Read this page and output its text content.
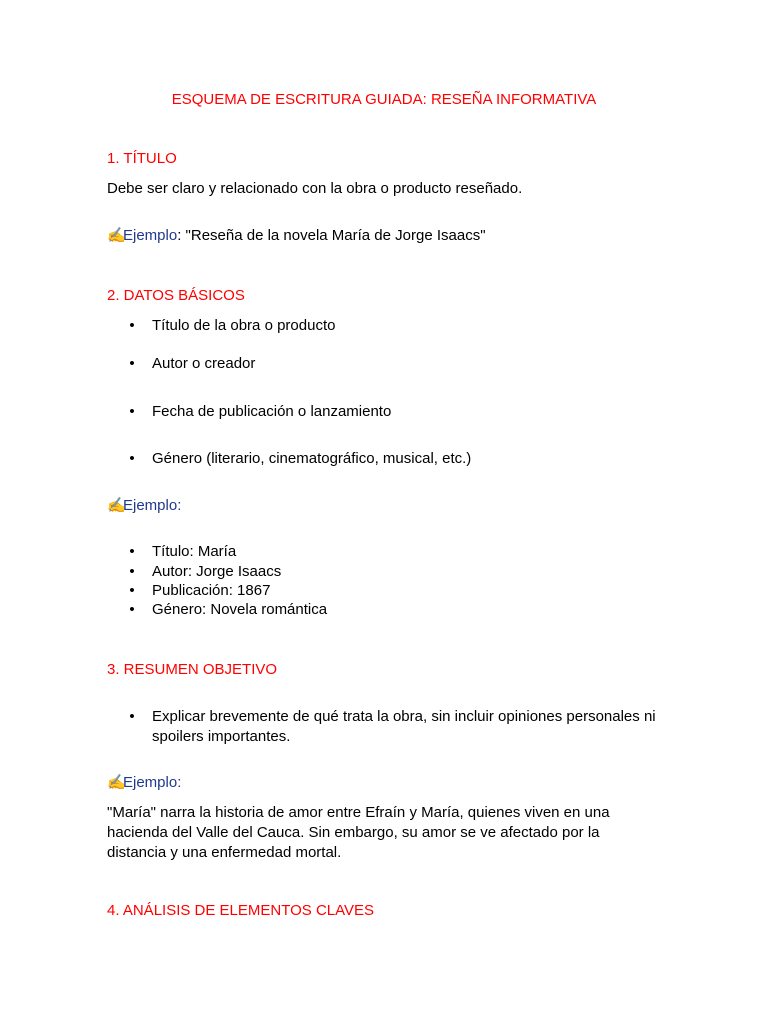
ESQUEMA DE ESCRITURA GUIADA: RESEÑA INFORMATIVA
1. TÍTULO
Debe ser claro y relacionado con la obra o producto reseñado.
✍Ejemplo: "Reseña de la novela María de Jorge Isaacs"
2. DATOS BÁSICOS
•
Título de la obra o producto
•
Autor o creador
•
Fecha de publicación o lanzamiento
•
Género (literario, cinematográfico, musical, etc.)
✍Ejemplo:
•
Título: María
•
Autor: Jorge Isaacs
•
Publicación: 1867
•
Género: Novela romántica
3. RESUMEN OBJETIVO
•
Explicar brevemente de qué trata la obra, sin incluir opiniones personales ni spoilers importantes.
✍Ejemplo:
"María" narra la historia de amor entre Efraín y María, quienes viven en una hacienda del Valle del Cauca. Sin embargo, su amor se ve afectado por la distancia y una enfermedad mortal.
4. ANÁLISIS DE ELEMENTOS CLAVES
